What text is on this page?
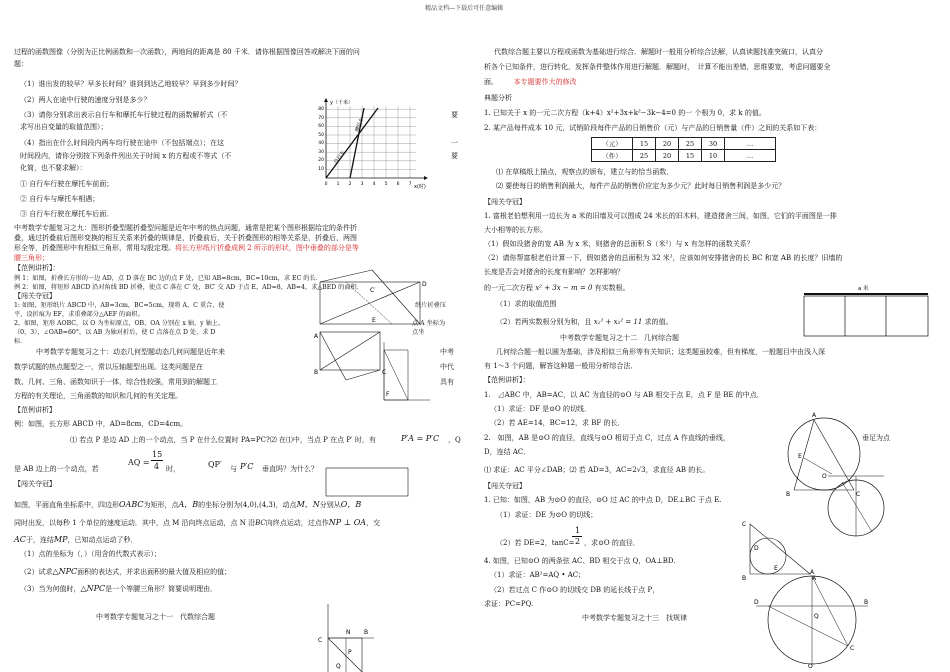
精品文档---下载后可任意编辑
过程的函数图像（分别为正比例函数和一次函数），两地间的距离是 80 千米．请你根据图像回答或解决下面的问
题：
（1）谁出发的较早？早多长时间？谁到到达乙地较早？早到多少时间？
（2）两人在途中行驶的速度分别是多少？
（3）请你分别求出表示自行车和摩托车行驶过程的函数解析式（不	要
求写出自变量的取值范围）；
（4）指出在什么时间段内两车均行驶在途中（不包括端点）；在这	一
时间段内，请你分别按下列条件列出关于时间 x 的方程或不等式（不	要
化简，也不要求解）：
① 自行车行驶在摩托车前面；
② 自行车与摩托车相遇；
③ 自行车行驶在摩托车后面．
y（千米）
x(时)
摩托车
自行车
80
70
60
50
40
30
20
10
0 1 2 3 4 5 6 7
中考数学专题复习之九：图形折叠型题折叠型问题是近年中考的热点问题，通常是把某个图形根据给定的条件折
叠，通过折叠前后图形变换的相互关系来折叠的规律是，折叠前后，关于折叠图形的相等关系是，折叠后，两图
形全等，折叠图形中有相似三角形，常用勾股定理。将长方形纸片折叠成例 2 所示的形状，图中垂叠的部分是等
腰三角形；
【范例讲析】：
例 1：如图，折叠长方形的一边 AD，点 D 落在 BC 边的点 F 处，已知 AB=8cm，BC=10cm，求 EC 的长．
例 2：如图，将矩形 ABCD 沿对角线 BD 折叠，使点 C 落在 C′ 处，BC′ 交 AD 于点 E，AD=8，AB=4，求△BED 的面积．
【闯关夺冠】
1: 如图，矩形纸片 ABCD 中，AB=3cm，BC=5cm，现将 A、C 重合，使	纸片折叠压
平，设折痕为 EF，求重叠部分△AEF 的面积。
2、如图，矩形 AOBC，以 O 为坐标原点，OB、OA 分别在 x 轴、y 轴上，	点 A 坐标为
（0，3），∠OAB=60°，以 AB 为轴对折后，使 C 点落在点 D 处，求 D	点坐
标．
A
B	C
D
C′
E
F
中考数学专题复习之十：动态几何型题动态几何问题是近年来	中考
数学试题的热点题型之一，常以压轴题型出现。这类问题是在	中代
数、几何、三角、函数知识于一体，综合性较强，常用到的解题工	具有
方程的有关理论，三角函数的知识和几何的有关定理。
【范例讲析】
例：如图，长方形 ABCD 中，AD=8cm，CD=4cm。
⑴ 若点 P 是边 AD 上的一个动点，当 P 在什么位置时 PA=PC?⑵ 在⑴中，当点 P 在点 P′ 时，有	P′A = P′C ，Q
是 AB 边上的一个动点，若
AQ =
15
4 时，	QP′ 与 P′C 垂直吗？为什么？
【闯关夺冠】
如图，平面直角坐标系中，四边形OABC为矩形，点A，B的坐标分别为(4,0),(4,3)，动点M，N分别从O，B
同时出发，以每秒 1 个单位的速度运动．其中，点 M 沿向终点运动，点 N 沿BC向终点运动，过点作NP ⊥ OA，交
AC于，连结MP，已知动点运动了秒．
（1）点的坐标为（，）（用含的代数式表示）；
（2）试求△NPC面积的表达式，并求出面积的最大值及相应的值；
（3）当为何值时，△NPC是一个等腰三角形？简要说明理由．
中考数学专题复习之十一　代数综合题
C
N B
P
Q
代数综合题主要以方程或函数为基础进行综合．解题时一般用分析综合法解，认真读题找准突破口，认真分
析各个已知条件，进行转化，发挥条件整体作用进行解题．解题时，　计算不能出差错，思维要宽，考虑问题要全
面。 本专题要作大的修改
典题分析
1. 已知关于 x 的一元二次方程（k+4）x²+3x+k²−3k−4=0 的一 个根为 0，求 k 的值。
2. 某产品每件成本 10 元，试销阶段每件产品的日销售价（元）与产品的日销售量（件）之间的关系如下表：
（元）	15	20	25	30	…
（件）	25	20	15	10	…
⑴ 在草稿纸上描点，观察点的颁布，建立与的恰当函数．
⑵ 要使每日的销售利润最大，每件产品的销售价应定为多少元？此时每日销售利润是多少元？
【闯关夺冠】
1. 富根老伯想利用一边长为 a 米的旧墙及可以围成 24 米长的旧木料，建造猪舍三间，如图，它们的平面图是一排
大小相等的长方形。
（1）假如设猪舍的宽 AB 为 x 米，则猪舍的总面积 S（米²）与 x 有怎样的函数关系？
（2）请你帮富根老伯计算一下，假如猪舍的总面积为 32 米²，应该如何安排猪舍的长 BC 和宽 AB 的长度？旧墙的
长度是否会对猪舍的长度有影响？怎样影响？
的一元二次方程 x² + 3x − m = 0 有实数根。
（1）求的取值范围
（2）若两实数根分别为和，且 x₁² + x₂² = 11 求的值。
a 米
中考数学专题复习之十二　几何综合题
几何综合题一般以圆为基础，涉及相似三角形等有关知识；这类题虽较难，但有梯度，一般题目中由浅入深
有 1～3 个问题，解答这种题一般用分析综合法．
【范例讲析】：
1.　⊿ABC 中，AB=AC，以 AC 为直径的⊙O 与 AB 相交于点 E，点 F 是 BE 的中点．
（1）求证：DF 是⊙O 的切线．
（2）若 AE=14，BC=12，求 BF 的长．
2.　如图，AB 是⊙O 的直径，直线与⊙O 相切于点 C，过点 A 作直线的垂线，	垂足为点
D，连结 AC．
⑴ 求证：AC 平分∠DAB；⑵ 若 AD=3，AC=2√3，求直径 AB 的长。
【闯关夺冠】
1. 已知：如图，AB 为⊙O 的直径，⊙O 过 AC 的中点 D，DE⊥BC 于点 E.
（1）求证：DE 为⊙O 的切线；
（2）若 DE=2，tanC=
1
2 ，求⊙O 的直径．
4. 如图，已知⊙O 的两条弦 AC、BD 相交于点 Q，OA⊥BD.
（1）求证：AB²=AQ • AC；
（2）若过点 C 作⊙O 的切线交 DB 的延长线于点 P，
求证：PC=PQ.
中考数学专题复习之十三　找规律
A
B	C
E
O
C
B	A
D
E
A
D	B
C
Q
O
